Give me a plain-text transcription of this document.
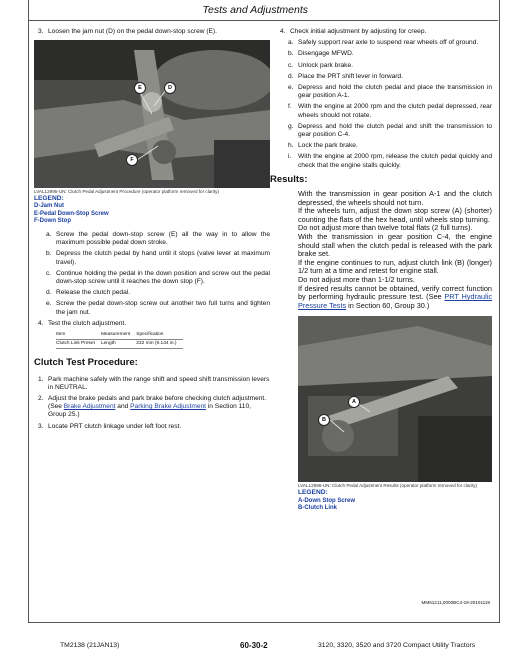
Tests and Adjustments
3. Loosen the jam nut (D) on the pedal down-stop screw (E).
E	D
F
LVAL12995-UN: Clutch Pedal Adjustment Procedure (operator platform removed for clarity)
LEGEND:
D-Jam Nut
E-Pedal Down-Stop Screw
F-Down Stop
a. Screw the pedal down-stop screw (E) all the way in to allow the maximum possible pedal down stroke.
b. Depress the clutch pedal by hand until it stops (valve lever at maximum travel).
c. Continue holding the pedal in the down position and screw out the pedal down-stop screw until it reaches the down stop (F).
d. Release the clutch pedal.
e. Screw the pedal down-stop screw out another two full turns and tighten the jam nut.
4. Test the clutch adjustment.
Item	Measurement	Specification
Clutch Link Preset	Length	232 mm (9.134 in.)
Clutch Test Procedure:
1. Park machine safely with the range shift and speed shift transmission levers in NEUTRAL.
2. Adjust the brake pedals and park brake before checking clutch adjustment. (See Brake Adjustment and Parking Brake Adjustment in Section 110, Group 25.)
3. Locate PRT clutch linkage under left foot rest.
4. Check initial adjustment by adjusting for creep.
a. Safely support rear axle to suspend rear wheels off of ground.
b. Disengage MFWD.
c. Unlock park brake.
d. Place the PRT shift lever in forward.
e. Depress and hold the clutch pedal and place the transmission in gear position A-1.
f. With the engine at 2000 rpm and the clutch pedal depressed, rear wheels should not rotate.
g. Depress and hold the clutch pedal and shift the transmission to gear position C-4.
h. Lock the park brake.
i. With the engine at 2000 rpm, release the clutch pedal quickly and check that the engine stalls quickly.
Results:

With the transmission in gear position A-1 and the clutch depressed, the wheels should not turn.

If the wheels turn, adjust the down stop screw (A) (shorter) counting the flats of the hex head, until wheels stop turning.

Do not adjust more than twelve total flats (2 full turns).

With the transmission in gear position C-4, the engine should stall when the clutch pedal is released with the park brake set.

If the engine continues to run, adjust clutch link (B) (longer) 1/2 turn at a time and retest for engine stall.

Do not adjust more than 1-1/2 turns.

If desired results cannot be obtained, verify correct function by performing hydraulic pressure test. (See PRT Hydraulic Pressure Tests in Section 60, Group 30.)

A
B
LVAL12996-UN: Clutch Pedal Adjustment Results (operator platform removed for clarity)
LEGEND:
A-Down Stop Screw
B-Clutch Link
MM61211,0000BC4-19-20101119
TM2138 (21JAN13)	60-30-2	3120, 3320, 3520 and 3720 Compact Utility Tractors
